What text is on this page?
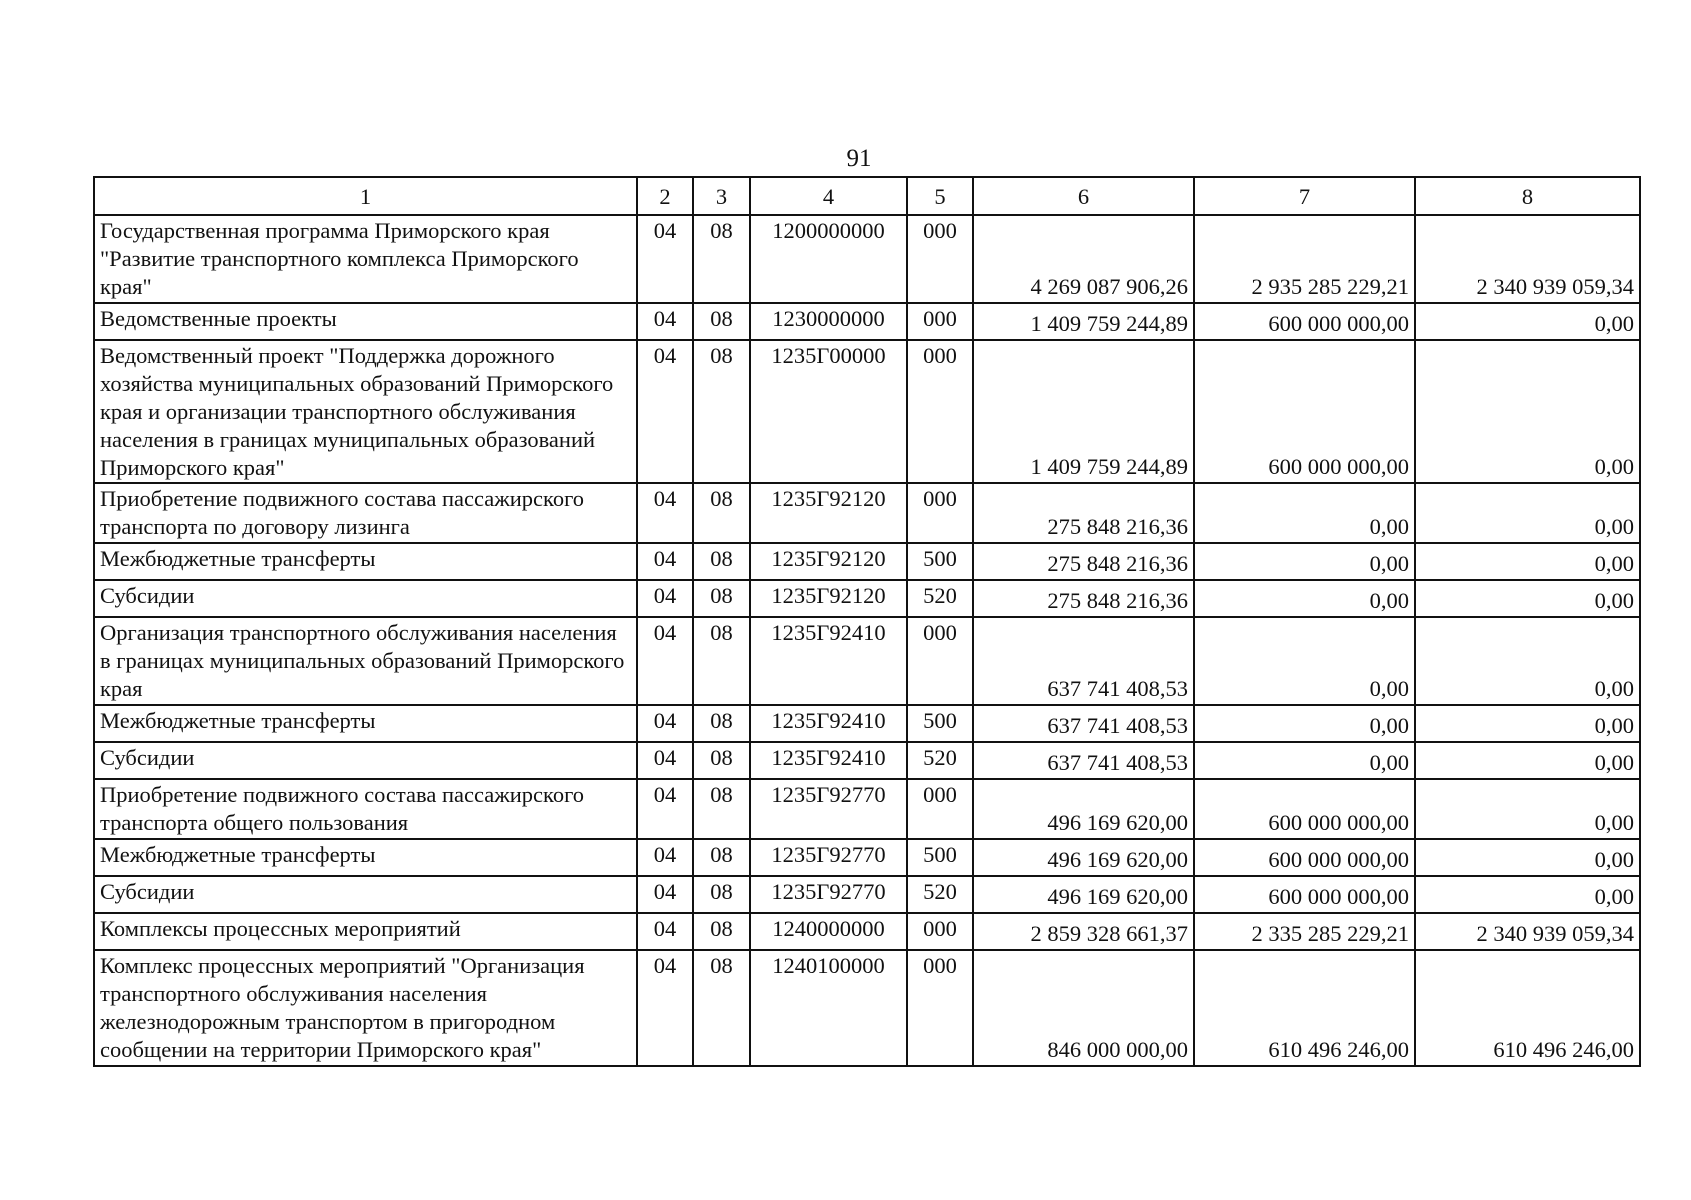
91
1	2	3	4	5	6	7	8
Государственная программа Приморского края "Развитие транспортного комплекса Приморского края"	04	08	1200000000	000	4 269 087 906,26	2 935 285 229,21	2 340 939 059,34
Ведомственные проекты	04	08	1230000000	000	1 409 759 244,89	600 000 000,00	0,00
Ведомственный проект "Поддержка дорожного хозяйства муниципальных образований Приморского края и организации транспортного обслуживания населения в границах муниципальных образований Приморского края"	04	08	1235Г00000	000	1 409 759 244,89	600 000 000,00	0,00
Приобретение подвижного состава пассажирского транспорта по договору лизинга	04	08	1235Г92120	000	275 848 216,36	0,00	0,00
Межбюджетные трансферты	04	08	1235Г92120	500	275 848 216,36	0,00	0,00
Субсидии	04	08	1235Г92120	520	275 848 216,36	0,00	0,00
Организация транспортного обслуживания населения в границах муниципальных образований Приморского края	04	08	1235Г92410	000	637 741 408,53	0,00	0,00
Межбюджетные трансферты	04	08	1235Г92410	500	637 741 408,53	0,00	0,00
Субсидии	04	08	1235Г92410	520	637 741 408,53	0,00	0,00
Приобретение подвижного состава пассажирского транспорта общего пользования	04	08	1235Г92770	000	496 169 620,00	600 000 000,00	0,00
Межбюджетные трансферты	04	08	1235Г92770	500	496 169 620,00	600 000 000,00	0,00
Субсидии	04	08	1235Г92770	520	496 169 620,00	600 000 000,00	0,00
Комплексы процессных мероприятий	04	08	1240000000	000	2 859 328 661,37	2 335 285 229,21	2 340 939 059,34
Комплекс процессных мероприятий "Организация транспортного обслуживания населения железнодорожным транспортом в пригородном сообщении на территории Приморского края"	04	08	1240100000	000	846 000 000,00	610 496 246,00	610 496 246,00
